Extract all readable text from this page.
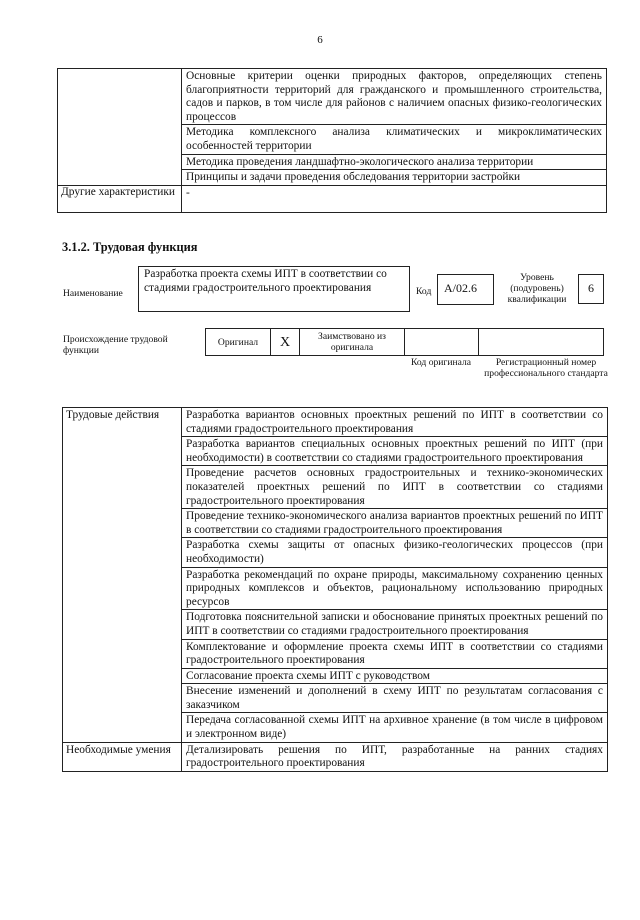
6
	Основные критерии оценки природных факторов, определяющих степень благоприятности территорий для гражданского и промышленного строительства, садов и парков, в том числе для районов с наличием опасных физико-геологических процессов
	Методика комплексного анализа климатических и микроклиматических особенностей территории
	Методика проведения ландшафтно-экологического анализа территории
	Принципы и задачи проведения обследования территории застройки
Другие характеристики	-
3.1.2. Трудовая функция
Наименование
Разработка проекта схемы ИПТ в соответствии со стадиями градостроительного проектирования	Код	A/02.6
Уровень (подуровень) квалификации
6
Происхождение трудовой функции
Оригинал	X	Заимствовано из оригинала		
Код оригинала	Регистрационный номер профессионального стандарта
Трудовые действия	Разработка вариантов основных проектных решений по ИПТ в соответствии со стадиями градостроительного проектирования
	Разработка вариантов специальных основных проектных решений по ИПТ (при необходимости) в соответствии со стадиями градостроительного проектирования
	Проведение расчетов основных градостроительных и технико-экономических показателей проектных решений по ИПТ в соответствии со стадиями градостроительного проектирования
	Проведение технико-экономического анализа вариантов проектных решений по ИПТ в соответствии со стадиями градостроительного проектирования
	Разработка схемы защиты от опасных физико-геологических процессов (при необходимости)
	Разработка рекомендаций по охране природы, максимальному сохранению ценных природных комплексов и объектов, рациональному использованию природных ресурсов
	Подготовка пояснительной записки и обоснование принятых проектных решений по ИПТ в соответствии со стадиями градостроительного проектирования
	Комплектование и оформление проекта схемы ИПТ в соответствии со стадиями градостроительного проектирования
	Согласование проекта схемы ИПТ с руководством
	Внесение изменений и дополнений в схему ИПТ по результатам согласования с заказчиком
	Передача согласованной схемы ИПТ на архивное хранение (в том числе в цифровом и электронном виде)
Необходимые умения	Детализировать решения по ИПТ, разработанные на ранних стадиях градостроительного проектирования
